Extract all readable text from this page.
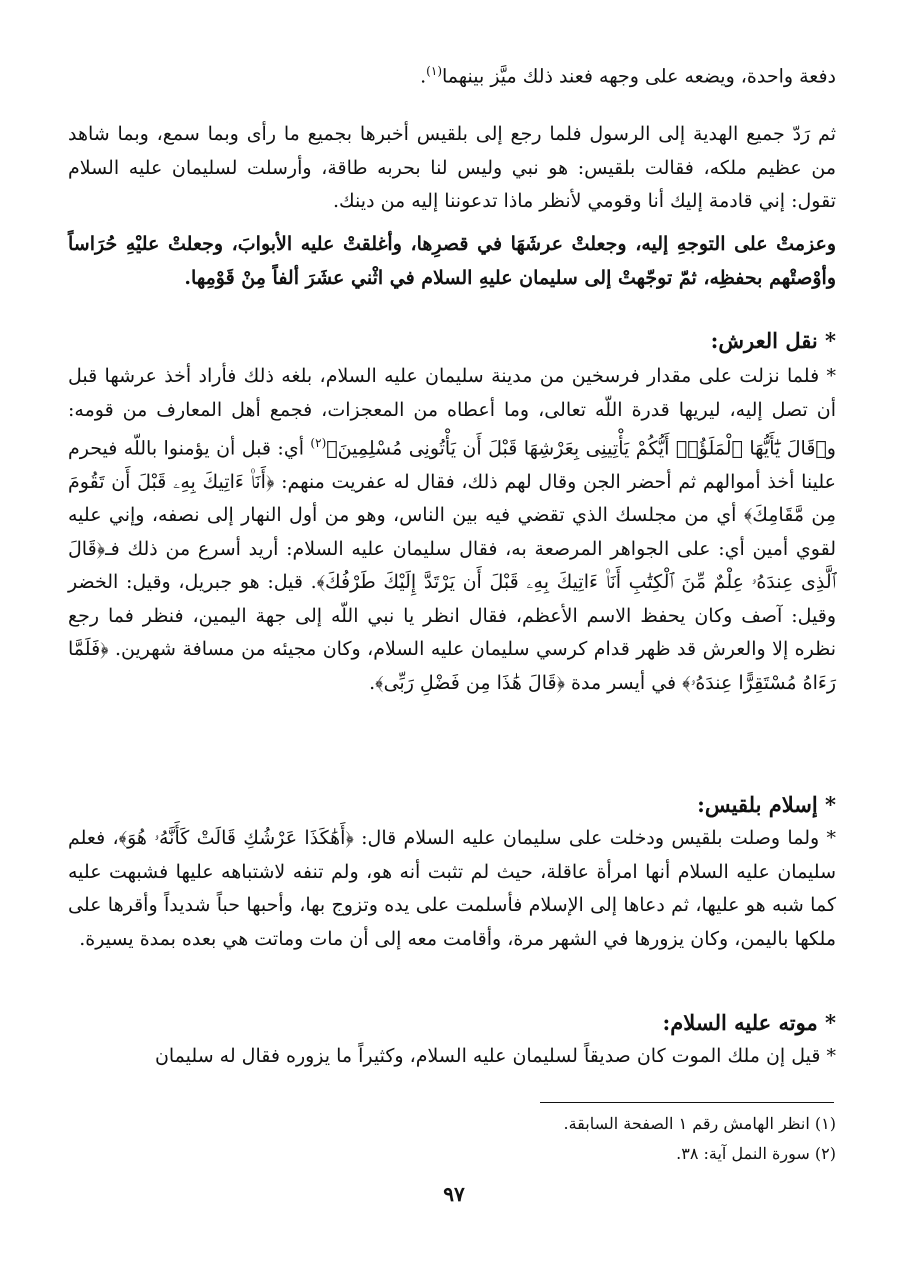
دفعة واحدة، ويضعه على وجهه فعند ذلك ميَّز بينهما$^{(١)}$.

ثم رَدّ جميع الهدية إلى الرسول فلما رجع إلى بلقيس أخبرها بجميع ما رأى وبما سمع، وبما شاهد من عظيم ملكه، فقالت بلقيس: هو نبي وليس لنا بحربه طاقة، وأرسلت لسليمان عليه السلام تقول: إني قادمة إليك أنا وقومي لأنظر ماذا تدعوننا إليه من دينك.

وعزمتْ على التوجهِ إليه، وجعلتْ عرشَهَا في قصرِها، وأغلقتْ عليه الأبوابَ، وجعلتْ عليْهِ حُرَاساً وأوْصتْهم بحفظِه، ثمّ توجّهتْ إلى سليمان عليهِ السلام في اثْني عشَرَ ألفاً مِنْ قَوْمِها.

* نقل العرش:

* فلما نزلت على مقدار فرسخين من مدينة سليمان عليه السلام، بلغه ذلك فأراد أخذ عرشها قبل أن تصل إليه، ليريها قدرة اللّه تعالى، وما أعطاه من المعجزات، فجمع أهل المعارف من قومه: و﴿قَالَ يَٰٓأَيُّهَا ٱلْمَلَؤُا۟ أَيُّكُمْ يَأْتِينِى بِعَرْشِهَا قَبْلَ أَن يَأْتُونِى مُسْلِمِينَ﴾$^{(٢)}$ أي: قبل أن يؤمنوا باللّه فيحرم علينا أخذ أموالهم ثم أحضر الجن وقال لهم ذلك، فقال له عفريت منهم: ﴿أَنَا۠ ءَاتِيكَ بِهِۦ قَبْلَ أَن تَقُومَ مِن مَّقَامِكَ﴾ أي من مجلسك الذي تقضي فيه بين الناس، وهو من أول النهار إلى نصفه، وإني عليه لقوي أمين أي: على الجواهر المرصعة به، فقال سليمان عليه السلام: أريد أسرع من ذلك فـ﴿قَالَ ٱلَّذِى عِندَهُۥ عِلْمٌ مِّنَ ٱلْكِتَٰبِ أَنَا۠ ءَاتِيكَ بِهِۦ قَبْلَ أَن يَرْتَدَّ إِلَيْكَ طَرْفُكَ﴾. قيل: هو جبريل، وقيل: الخضر وقيل: آصف وكان يحفظ الاسم الأعظم، فقال انظر يا نبي اللّه إلى جهة اليمين، فنظر فما رجع نظره إلا والعرش قد ظهر قدام كرسي سليمان عليه السلام، وكان مجيئه من مسافة شهرين. ﴿فَلَمَّا رَءَاهُ مُسْتَقِرًّا عِندَهُۥ﴾ في أيسر مدة ﴿قَالَ هَٰذَا مِن فَضْلِ رَبِّى﴾.

* إسلام بلقيس:

* ولما وصلت بلقيس ودخلت على سليمان عليه السلام قال: ﴿أَهَٰكَذَا عَرْشُكِ قَالَتْ كَأَنَّهُۥ هُوَ﴾، فعلم سليمان عليه السلام أنها امرأة عاقلة، حيث لم تثبت أنه هو، ولم تنفه لاشتباهه عليها فشبهت عليه كما شبه هو عليها، ثم دعاها إلى الإسلام فأسلمت على يده وتزوج بها، وأحبها حباً شديداً وأقرها على ملكها باليمن، وكان يزورها في الشهر مرة، وأقامت معه إلى أن مات وماتت هي بعده بمدة يسيرة.

* موته عليه السلام:

* قيل إن ملك الموت كان صديقاً لسليمان عليه السلام، وكثيراً ما يزوره فقال له سليمان

(١) انظر الهامش رقم ١ الصفحة السابقة.
(٢) سورة النمل آية: ٣٨.
٩٧
